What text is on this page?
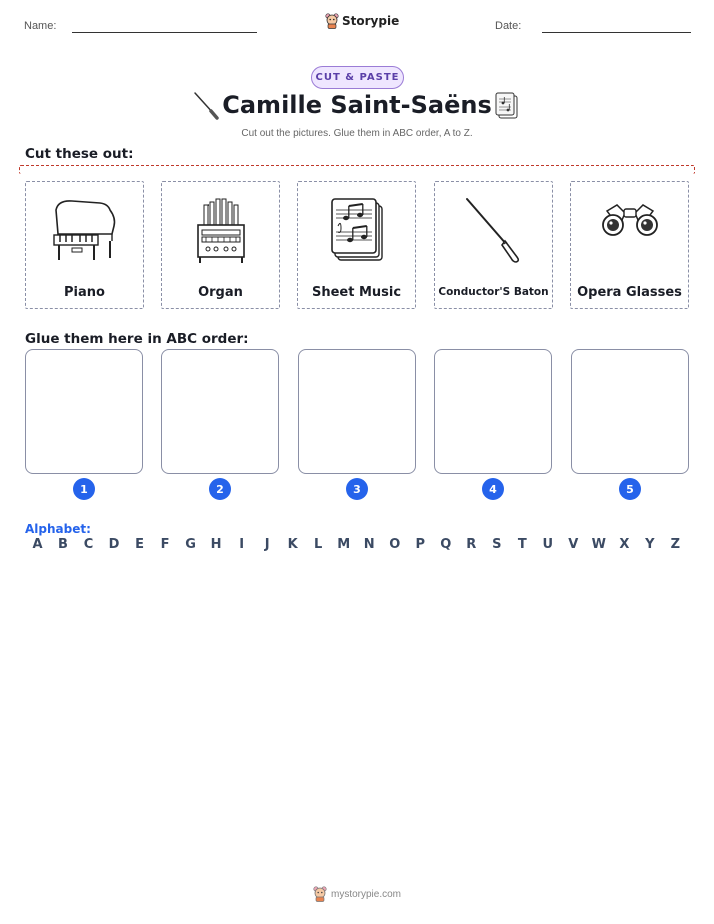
Name:	Storypie	Date:
CUT & PASTE
Camille Saint-Saëns
Cut out the pictures. Glue them in ABC order, A to Z.
Cut these out:
Piano	Organ	Sheet Music	Conductor'S Baton	Opera Glasses
Glue them here in ABC order:
1	2	3	4	5
Alphabet:
A	B	C	D	E	F	G	H	I	J	K	L	M	N	O	P	Q	R	S	T	U	V	W	X	Y	Z
mystorypie.com
